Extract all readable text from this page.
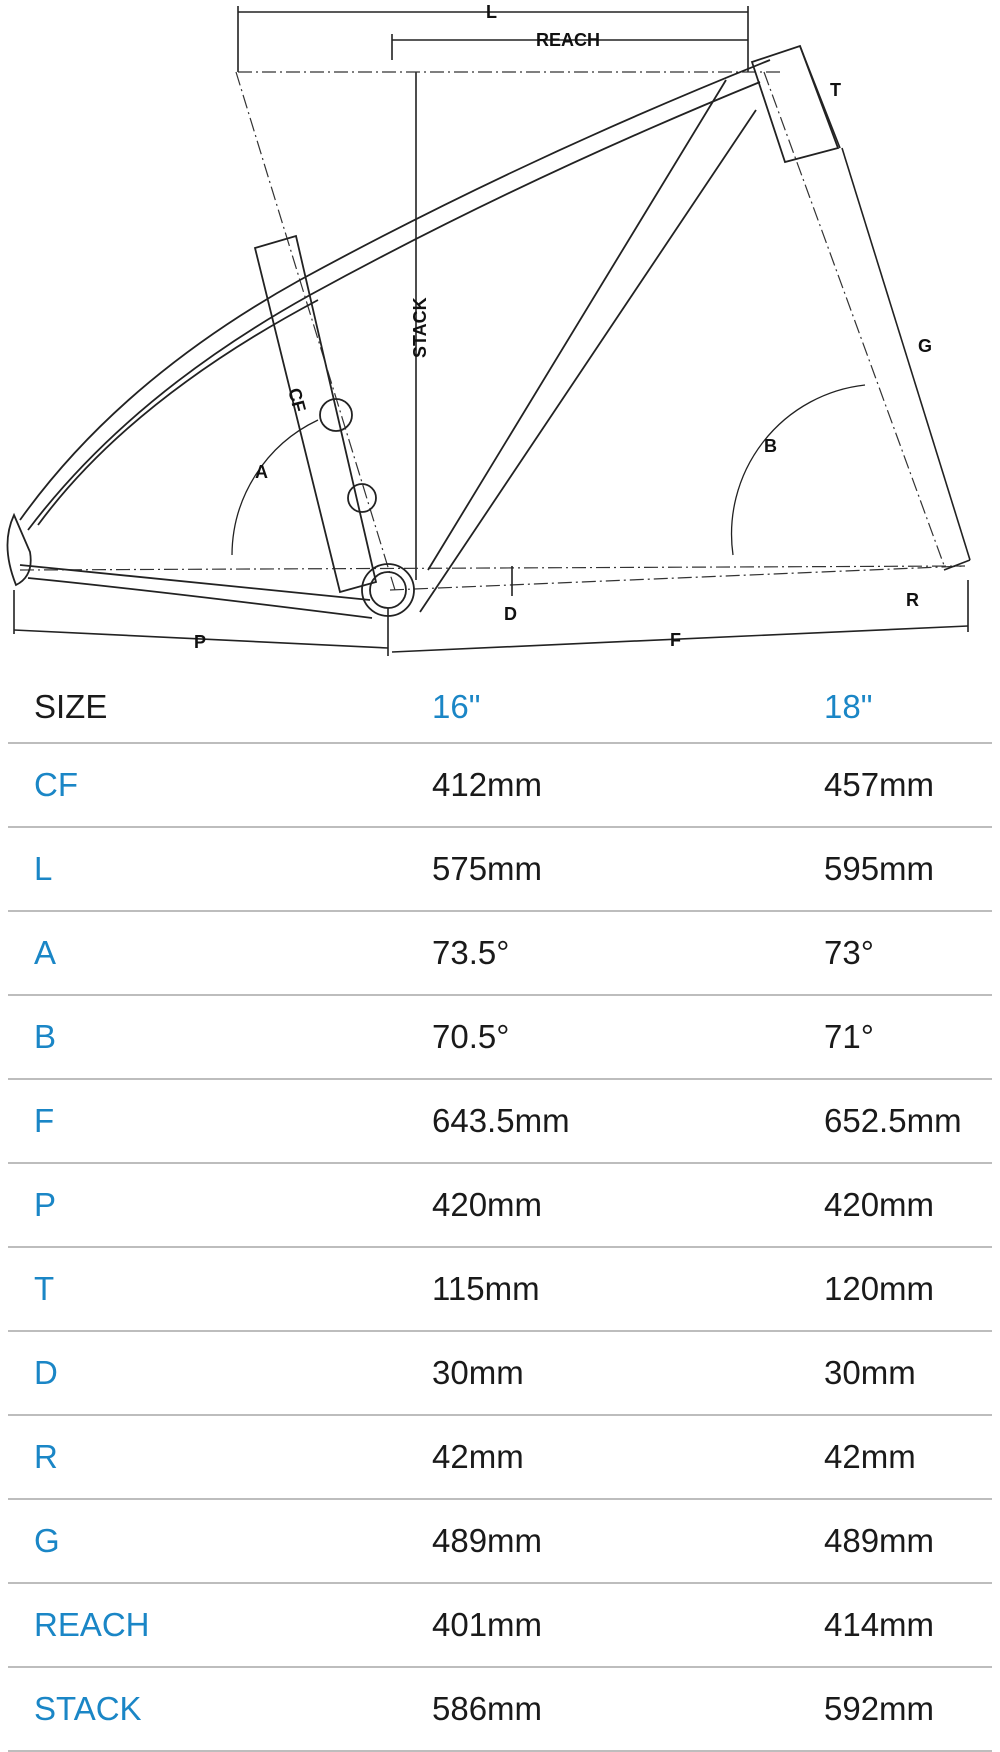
L
REACH
T
STACK
CF
A
B
G
D
R
P	F
SIZE	16"	18"
CF	412mm	457mm
L	575mm	595mm
A	73.5°	73°
B	70.5°	71°
F	643.5mm	652.5mm
P	420mm	420mm
T	115mm	120mm
D	30mm	30mm
R	42mm	42mm
G	489mm	489mm
REACH	401mm	414mm
STACK	586mm	592mm
